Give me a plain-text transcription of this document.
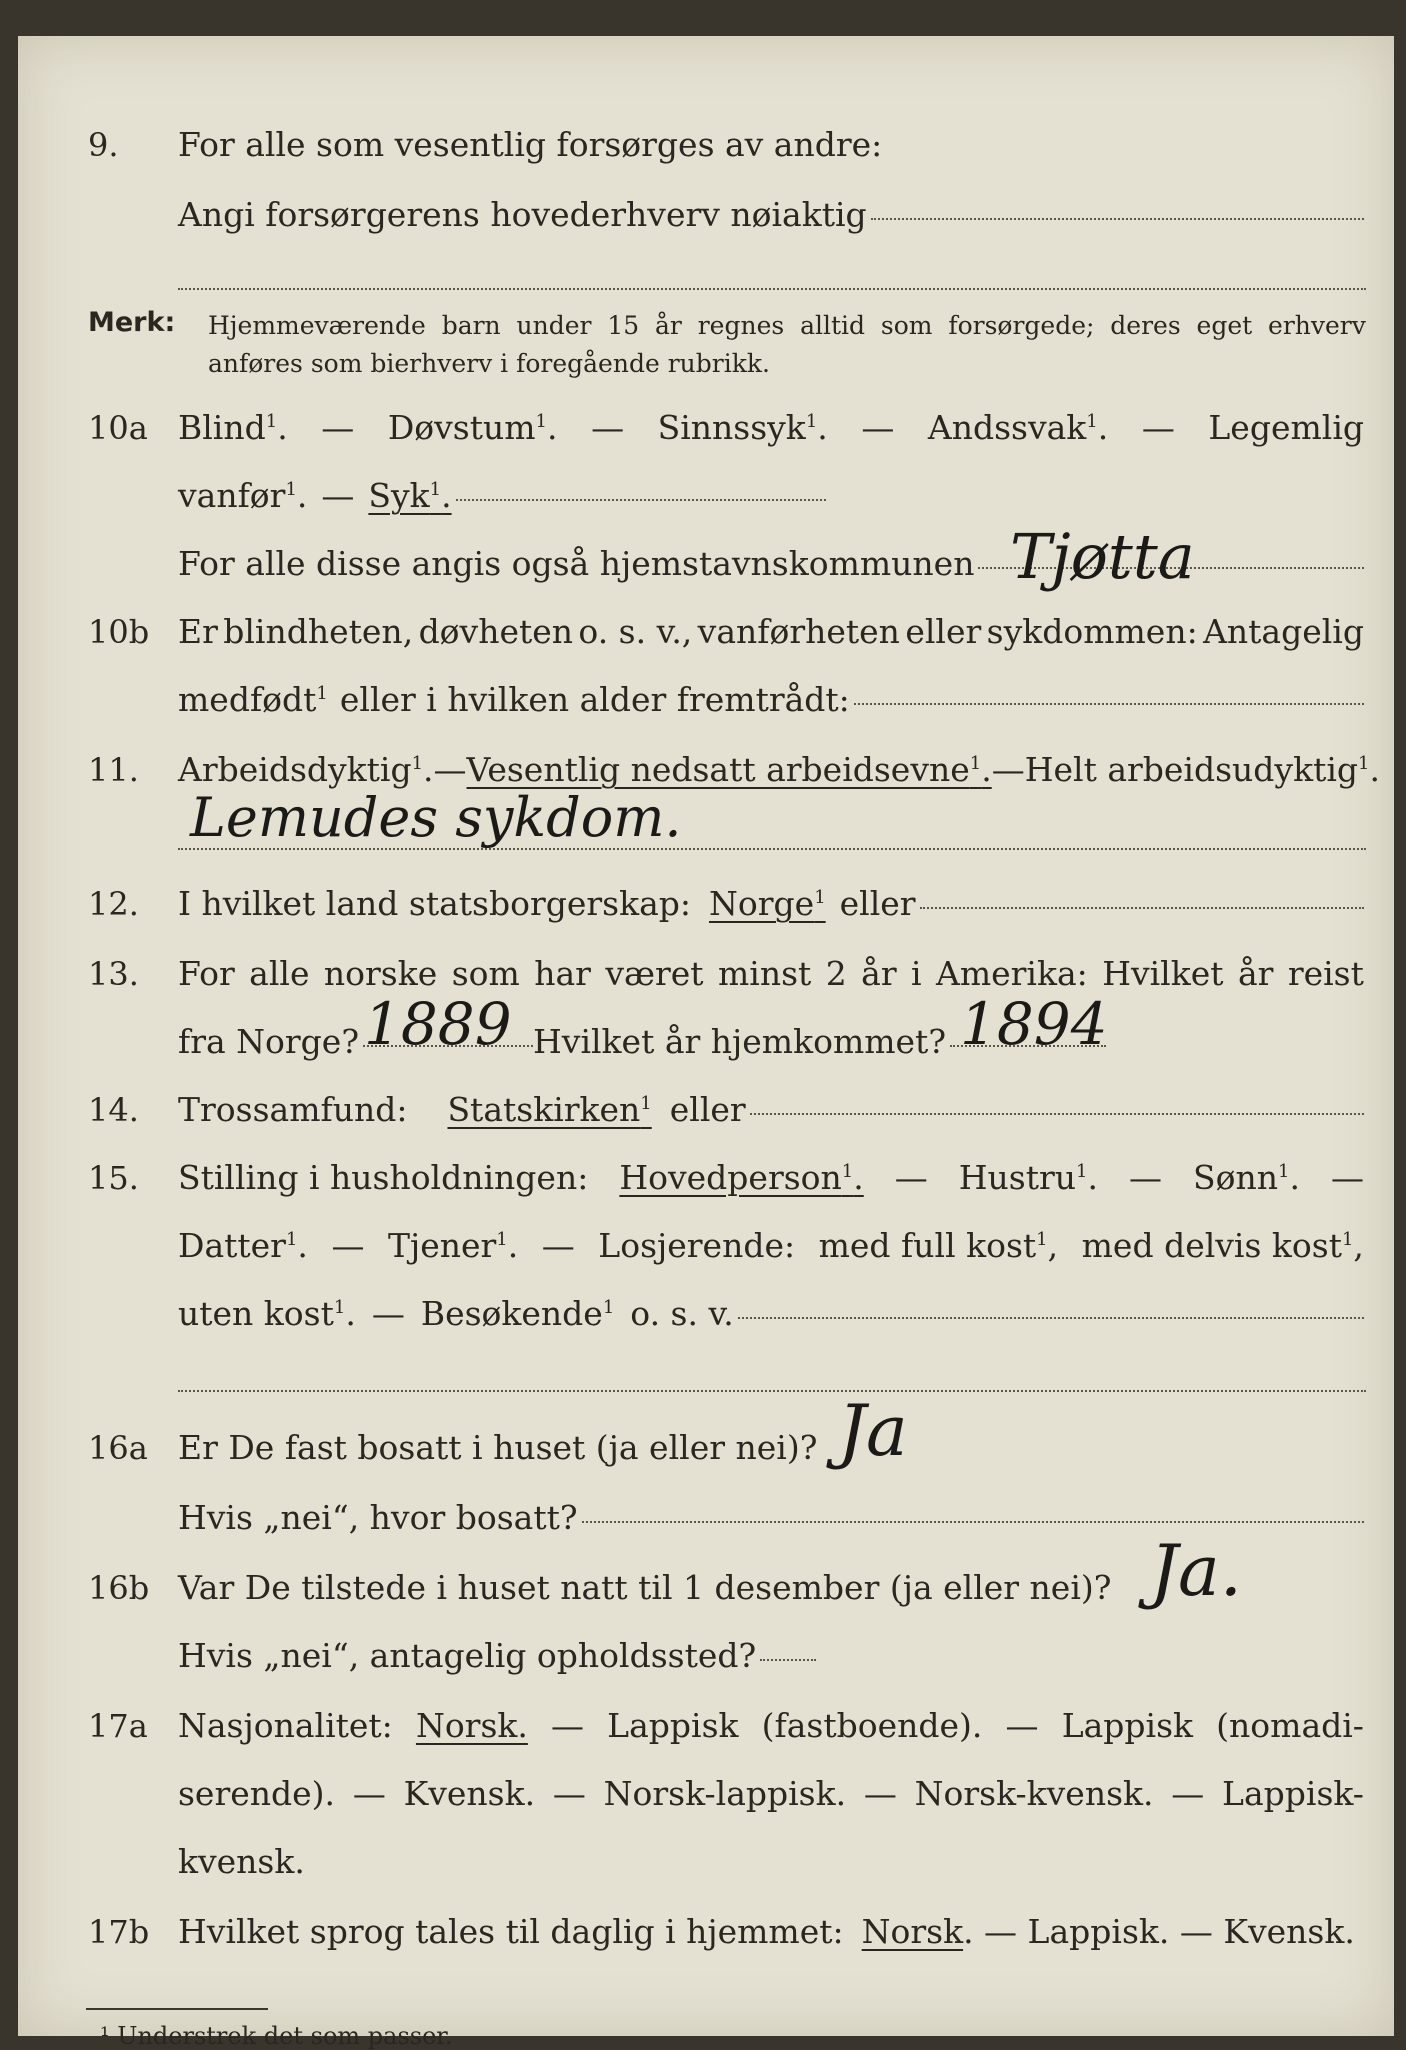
9. For alle som vesentlig forsørges av andre:
Angi forsørgerens hovederhverv nøiaktig
Merk: Hjemmeværende barn under 15 år regnes alltid som forsørgede; deres eget erhverv
anføres som bierhverv i foregående rubrikk.
10a Blind$^1$. — Døvstum$^1$. — Sinnssyk$^1$. — Andssvak$^1$. — Legemlig
vanfør$^1$. — Syk$^1$.
For alle disse angis også hjemstavnskommunen Tjøtta
10b Er blindheten, døvheten o. s. v., vanførheten eller sykdommen: Antagelig
medfødt$^1$ eller i hvilken alder fremtrådt:
11. Arbeidsdyktig$^1$. — Vesentlig nedsatt arbeidsevne$^1$. — Helt arbeidsudyktig$^1$.
Lemudes sykdom.
12. I hvilket land statsborgerskap: Norge$^1$ eller
13. For alle norske som har været minst 2 år i Amerika: Hvilket år reist
fra Norge?	Hvilket år hjemkommet?
1889	1894
14. Trossamfund: Statskirken$^1$ eller
15. Stilling i husholdningen: Hovedperson$^1$. — Hustru$^1$. — Sønn$^1$. —
Datter$^1$. — Tjener$^1$. — Losjerende: med full kost$^1$, med delvis kost$^1$,
uten kost$^1$. — Besøkende$^1$ o. s. v.
16a Er De fast bosatt i huset (ja eller nei)? Ja
Hvis „nei“, hvor bosatt?
16b Var De tilstede i huset natt til 1 desember (ja eller nei)? Ja.
Hvis „nei“, antagelig opholdssted?
17a Nasjonalitet: Norsk. — Lappisk (fastboende). — Lappisk (nomadi-
serende). — Kvensk. — Norsk-lappisk. — Norsk-kvensk. — Lappisk-
kvensk.
17b Hvilket sprog tales til daglig i hjemmet: Norsk . — Lappisk. — Kvensk.
¹ Understrek det som passer.
